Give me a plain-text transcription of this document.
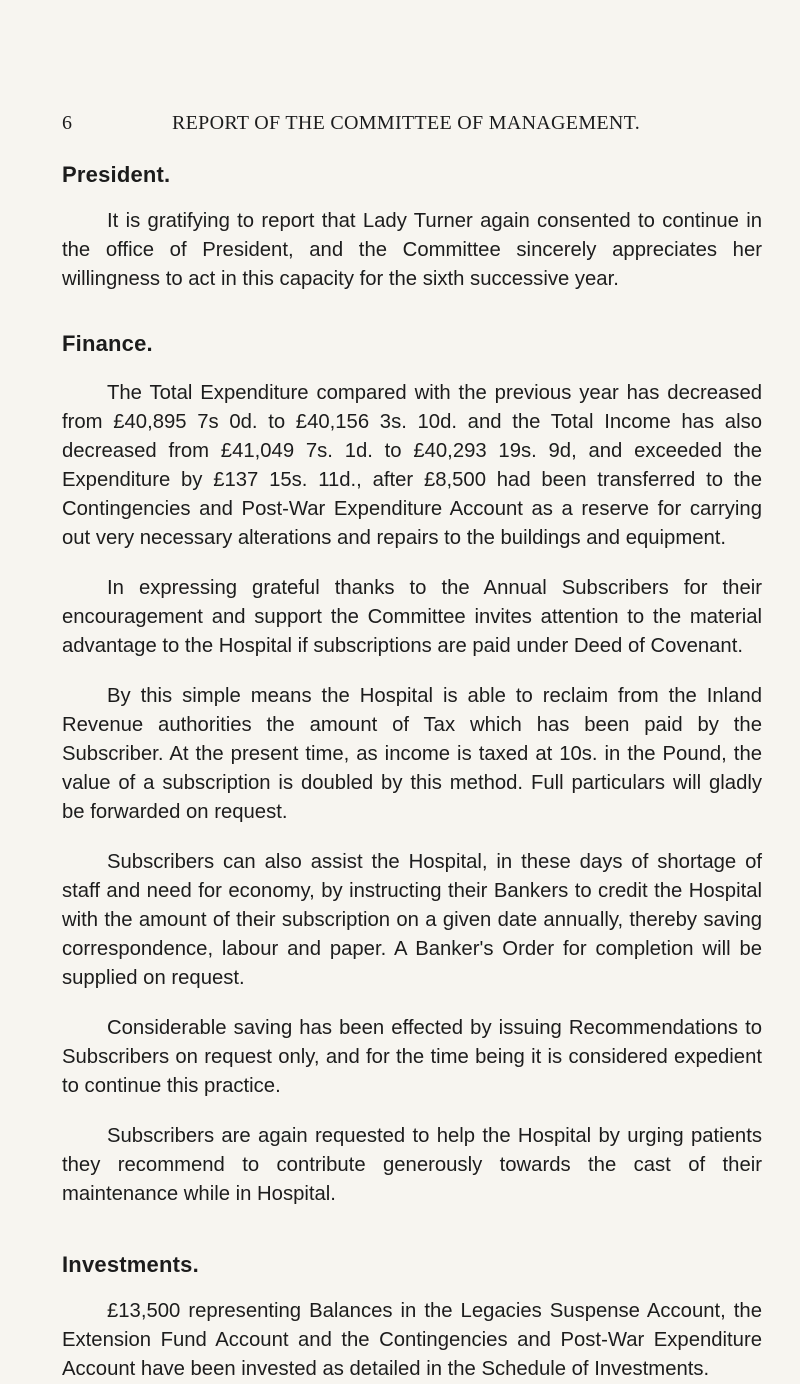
6	REPORT OF THE COMMITTEE OF MANAGEMENT.
President.

It is gratifying to report that Lady Turner again consented to continue in the office of President, and the Committee sincerely appreciates her willingness to act in this capacity for the sixth successive year.

Finance.

The Total Expenditure compared with the previous year has decreased from £40,895 7s 0d. to £40,156 3s. 10d. and the Total Income has also decreased from £41,049 7s. 1d. to £40,293 19s. 9d, and exceeded the Expenditure by £137 15s. 11d., after £8,500 had been transferred to the Contingencies and Post-War Expenditure Account as a reserve for carrying out very necessary alterations and repairs to the buildings and equipment.

In expressing grateful thanks to the Annual Subscribers for their encouragement and support the Committee invites attention to the material advantage to the Hospital if subscriptions are paid under Deed of Covenant.

By this simple means the Hospital is able to reclaim from the Inland Revenue authorities the amount of Tax which has been paid by the Subscriber. At the present time, as income is taxed at 10s. in the Pound, the value of a subscription is doubled by this method. Full particulars will gladly be forwarded on request.

Subscribers can also assist the Hospital, in these days of shortage of staff and need for economy, by instructing their Bankers to credit the Hospital with the amount of their subscription on a given date annually, thereby saving correspondence, labour and paper. A Banker's Order for completion will be supplied on request.

Considerable saving has been effected by issuing Recommendations to Subscribers on request only, and for the time being it is considered expedient to continue this practice.

Subscribers are again requested to help the Hospital by urging patients they recommend to contribute generously towards the cast of their maintenance while in Hospital.

Investments.

£13,500 representing Balances in the Legacies Suspense Account, the Extension Fund Account and the Contingencies and Post-War Expenditure Account have been invested as detailed in the Schedule of Investments.
